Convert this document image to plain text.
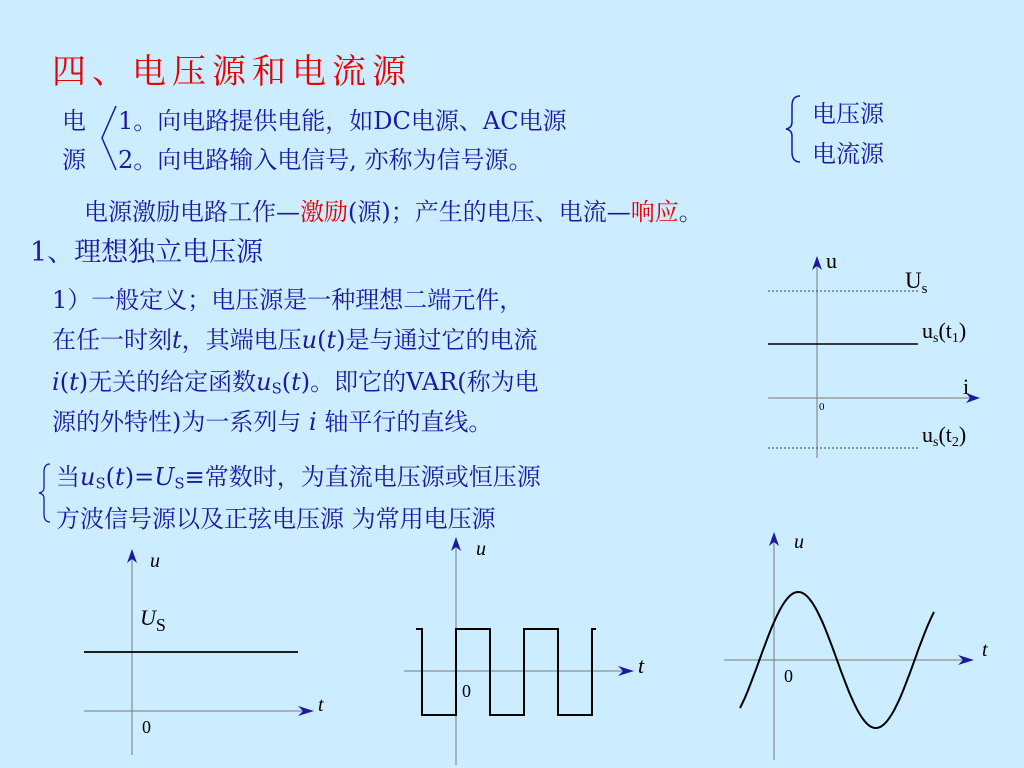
四、电压源和电流源
电
源
1。向电路提供电能，如DC电源、AC电源
2。向电路输入电信号, 亦称为信号源。
电压源
电流源
电源激励电路工作—激励(源)；产生的电压、电流—响应。
1、理想独立电压源
1）一般定义；电压源是一种理想二端元件，
在任一时刻t，其端电压u(t)是与通过它的电流
i(t)无关的给定函数$u_S(t)$。即它的VAR(称为电
源的外特性)为一系列与 i 轴平行的直线。
当$u_S(t)=U_S\equiv$常数时，为直流电压源或恒压源
方波信号源以及正弦电压源 为常用电压源
u
i
0
$U_s$
us(t1)
us(t2)
u
t
0
$U_S$
u
t
0
u
t
0
